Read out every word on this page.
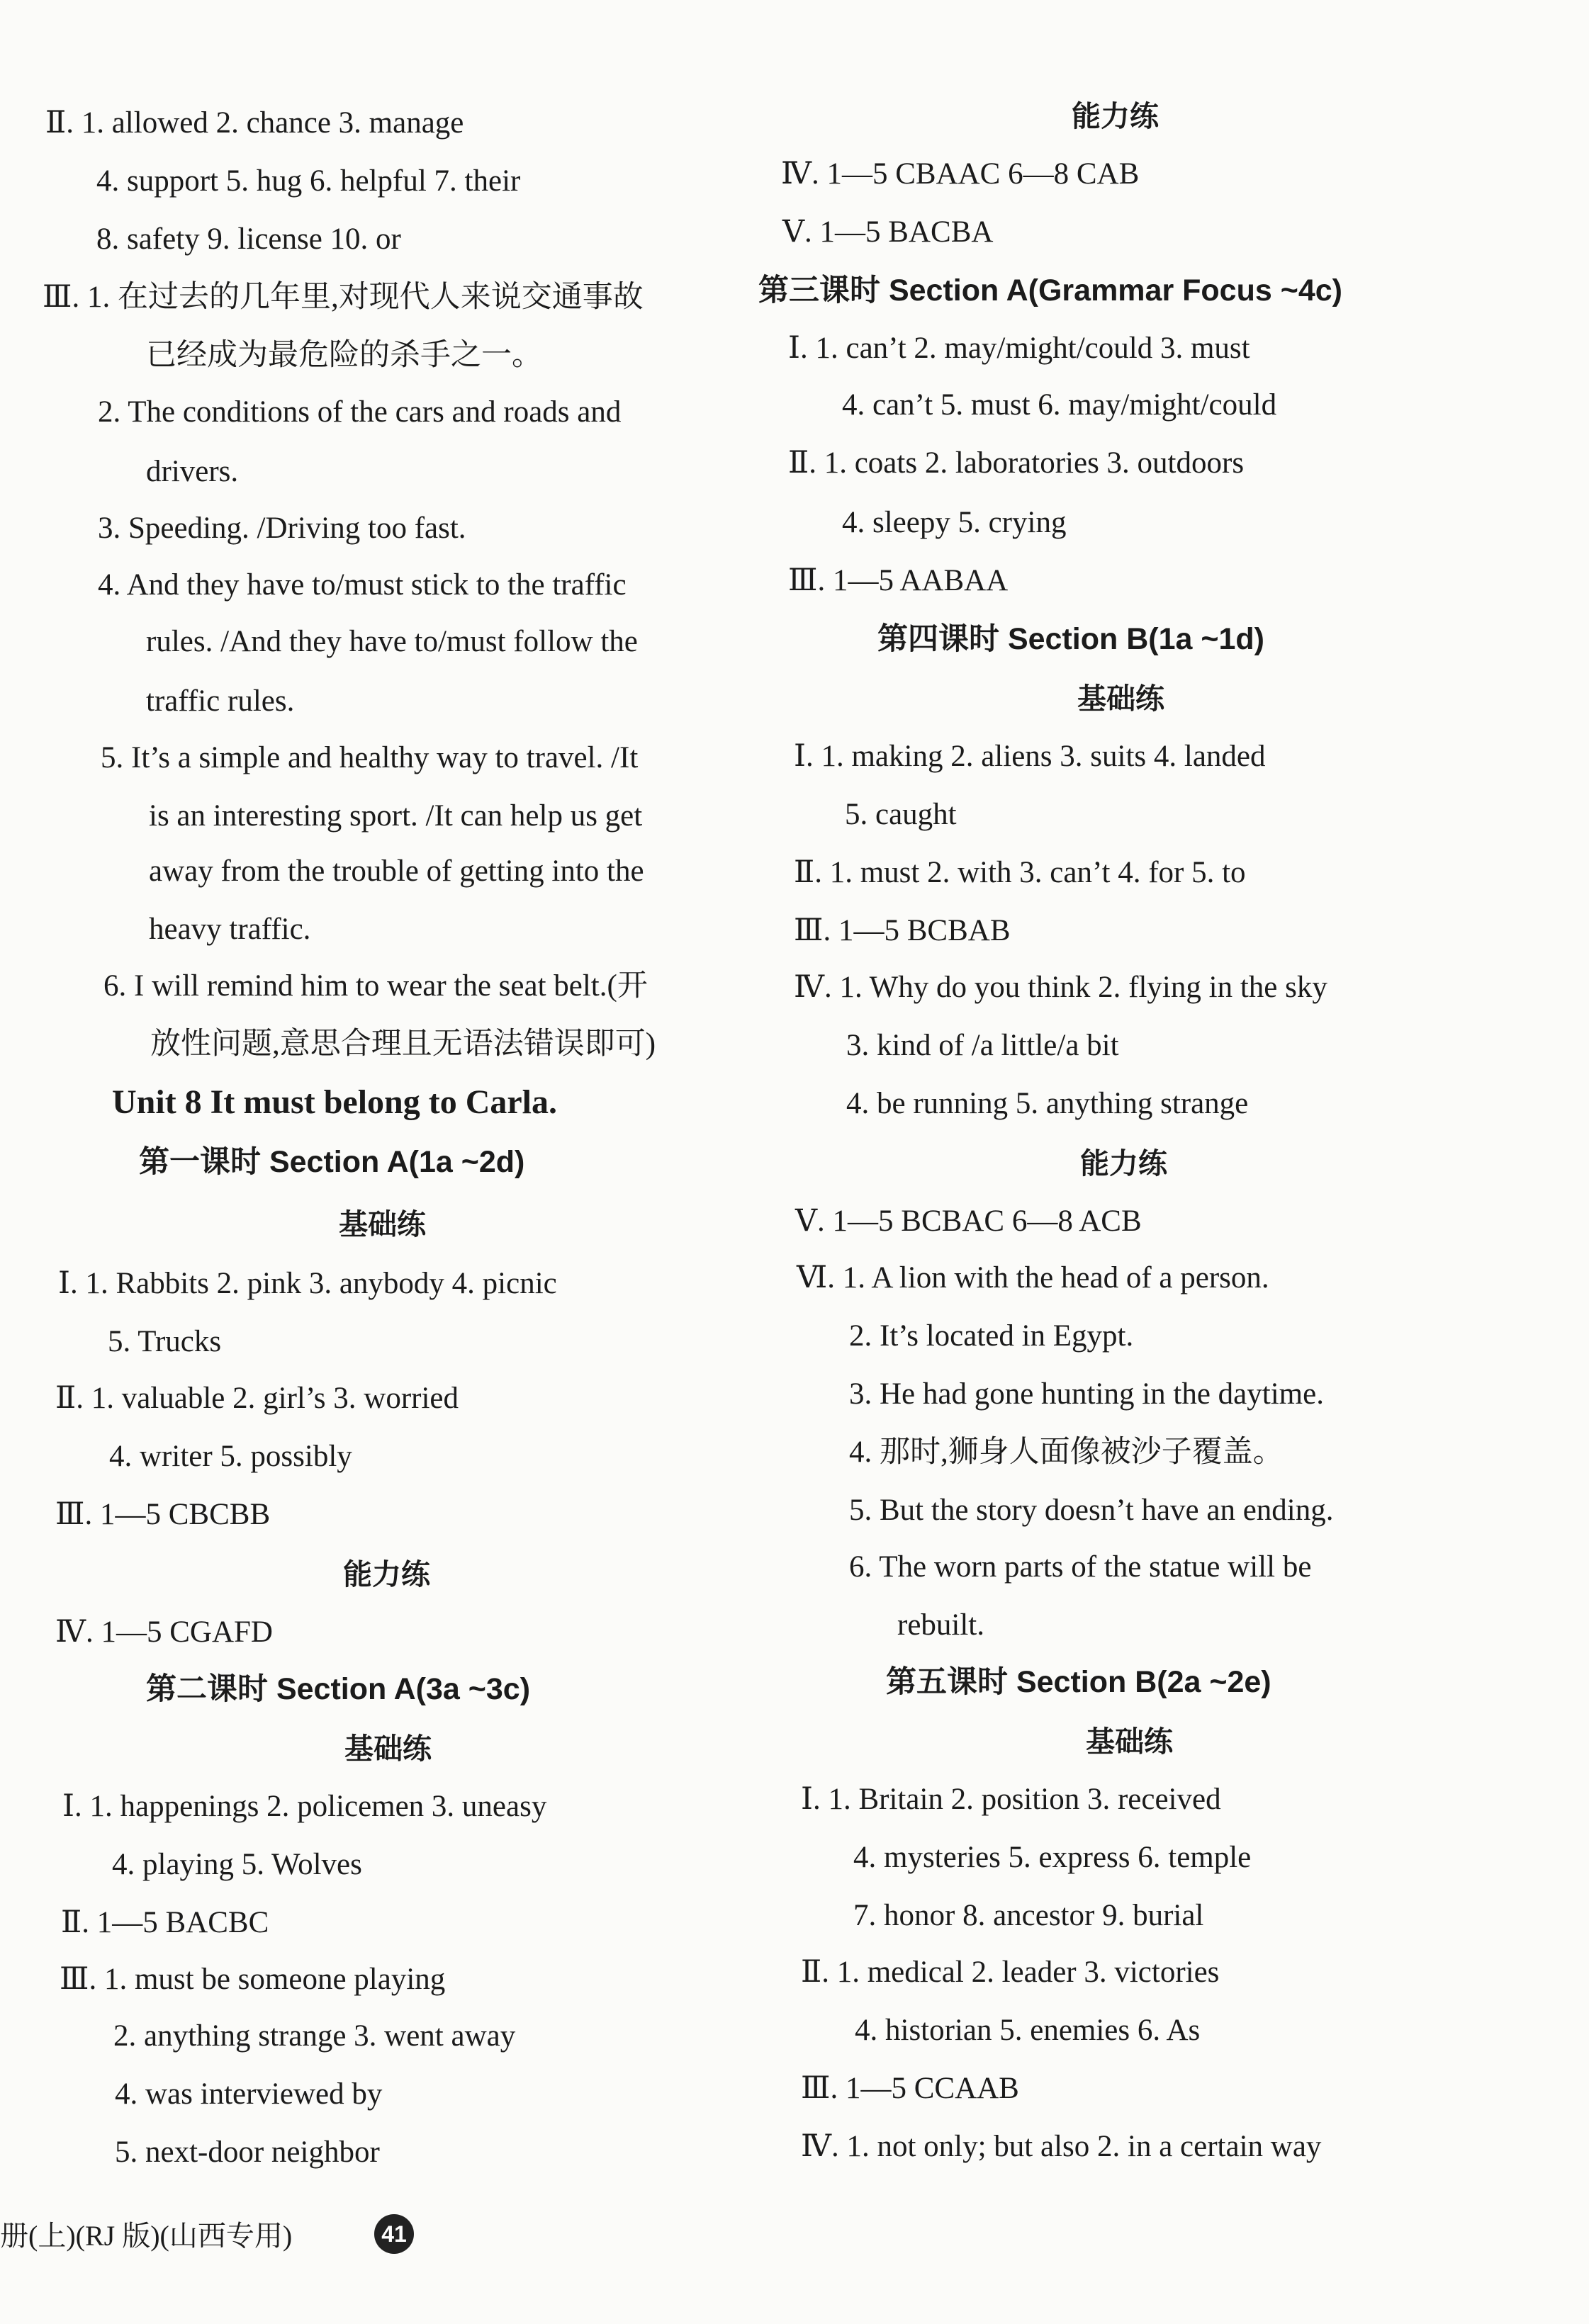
Ⅱ. 1. allowed 2. chance 3. manage
4. support 5. hug 6. helpful 7. their
8. safety 9. license 10. or
Ⅲ. 1. 在过去的几年里,对现代人来说交通事故
已经成为最危险的杀手之一。
2. The conditions of the cars and roads and
drivers.
3. Speeding. /Driving too fast.
4. And they have to/must stick to the traffic
rules. /And they have to/must follow the
traffic rules.
5. It’s a simple and healthy way to travel. /It
is an interesting sport. /It can help us get
away from the trouble of getting into the
heavy traffic.
6. I will remind him to wear the seat belt.(开
放性问题,意思合理且无语法错误即可)
Unit 8 It must belong to Carla.
第一课时 Section A(1a ~2d)
基础练
Ⅰ. 1. Rabbits 2. pink 3. anybody 4. picnic
5. Trucks
Ⅱ. 1. valuable 2. girl’s 3. worried
4. writer 5. possibly
Ⅲ. 1—5 CBCBB
能力练
Ⅳ. 1—5 CGAFD
第二课时 Section A(3a ~3c)
基础练
Ⅰ. 1. happenings 2. policemen 3. uneasy
4. playing 5. Wolves
Ⅱ. 1—5 BACBC
Ⅲ. 1. must be someone playing
2. anything strange 3. went away
4. was interviewed by
5. next-door neighbor
能力练
Ⅳ. 1—5 CBAAC 6—8 CAB
Ⅴ. 1—5 BACBA
第三课时 Section A(Grammar Focus ~4c)
Ⅰ. 1. can’t 2. may/might/could 3. must
4. can’t 5. must 6. may/might/could
Ⅱ. 1. coats 2. laboratories 3. outdoors
4. sleepy 5. crying
Ⅲ. 1—5 AABAA
第四课时 Section B(1a ~1d)
基础练
Ⅰ. 1. making 2. aliens 3. suits 4. landed
5. caught
Ⅱ. 1. must 2. with 3. can’t 4. for 5. to
Ⅲ. 1—5 BCBAB
Ⅳ. 1. Why do you think 2. flying in the sky
3. kind of /a little/a bit
4. be running 5. anything strange
能力练
Ⅴ. 1—5 BCBAC 6—8 ACB
Ⅵ. 1. A lion with the head of a person.
2. It’s located in Egypt.
3. He had gone hunting in the daytime.
4. 那时,狮身人面像被沙子覆盖。
5. But the story doesn’t have an ending.
6. The worn parts of the statue will be
rebuilt.
第五课时 Section B(2a ~2e)
基础练
Ⅰ. 1. Britain 2. position 3. received
4. mysteries 5. express 6. temple
7. honor 8. ancestor 9. burial
Ⅱ. 1. medical 2. leader 3. victories
4. historian 5. enemies 6. As
Ⅲ. 1—5 CCAAB
Ⅳ. 1. not only; but also 2. in a certain way
册(上)(RJ 版)(山西专用)	41
